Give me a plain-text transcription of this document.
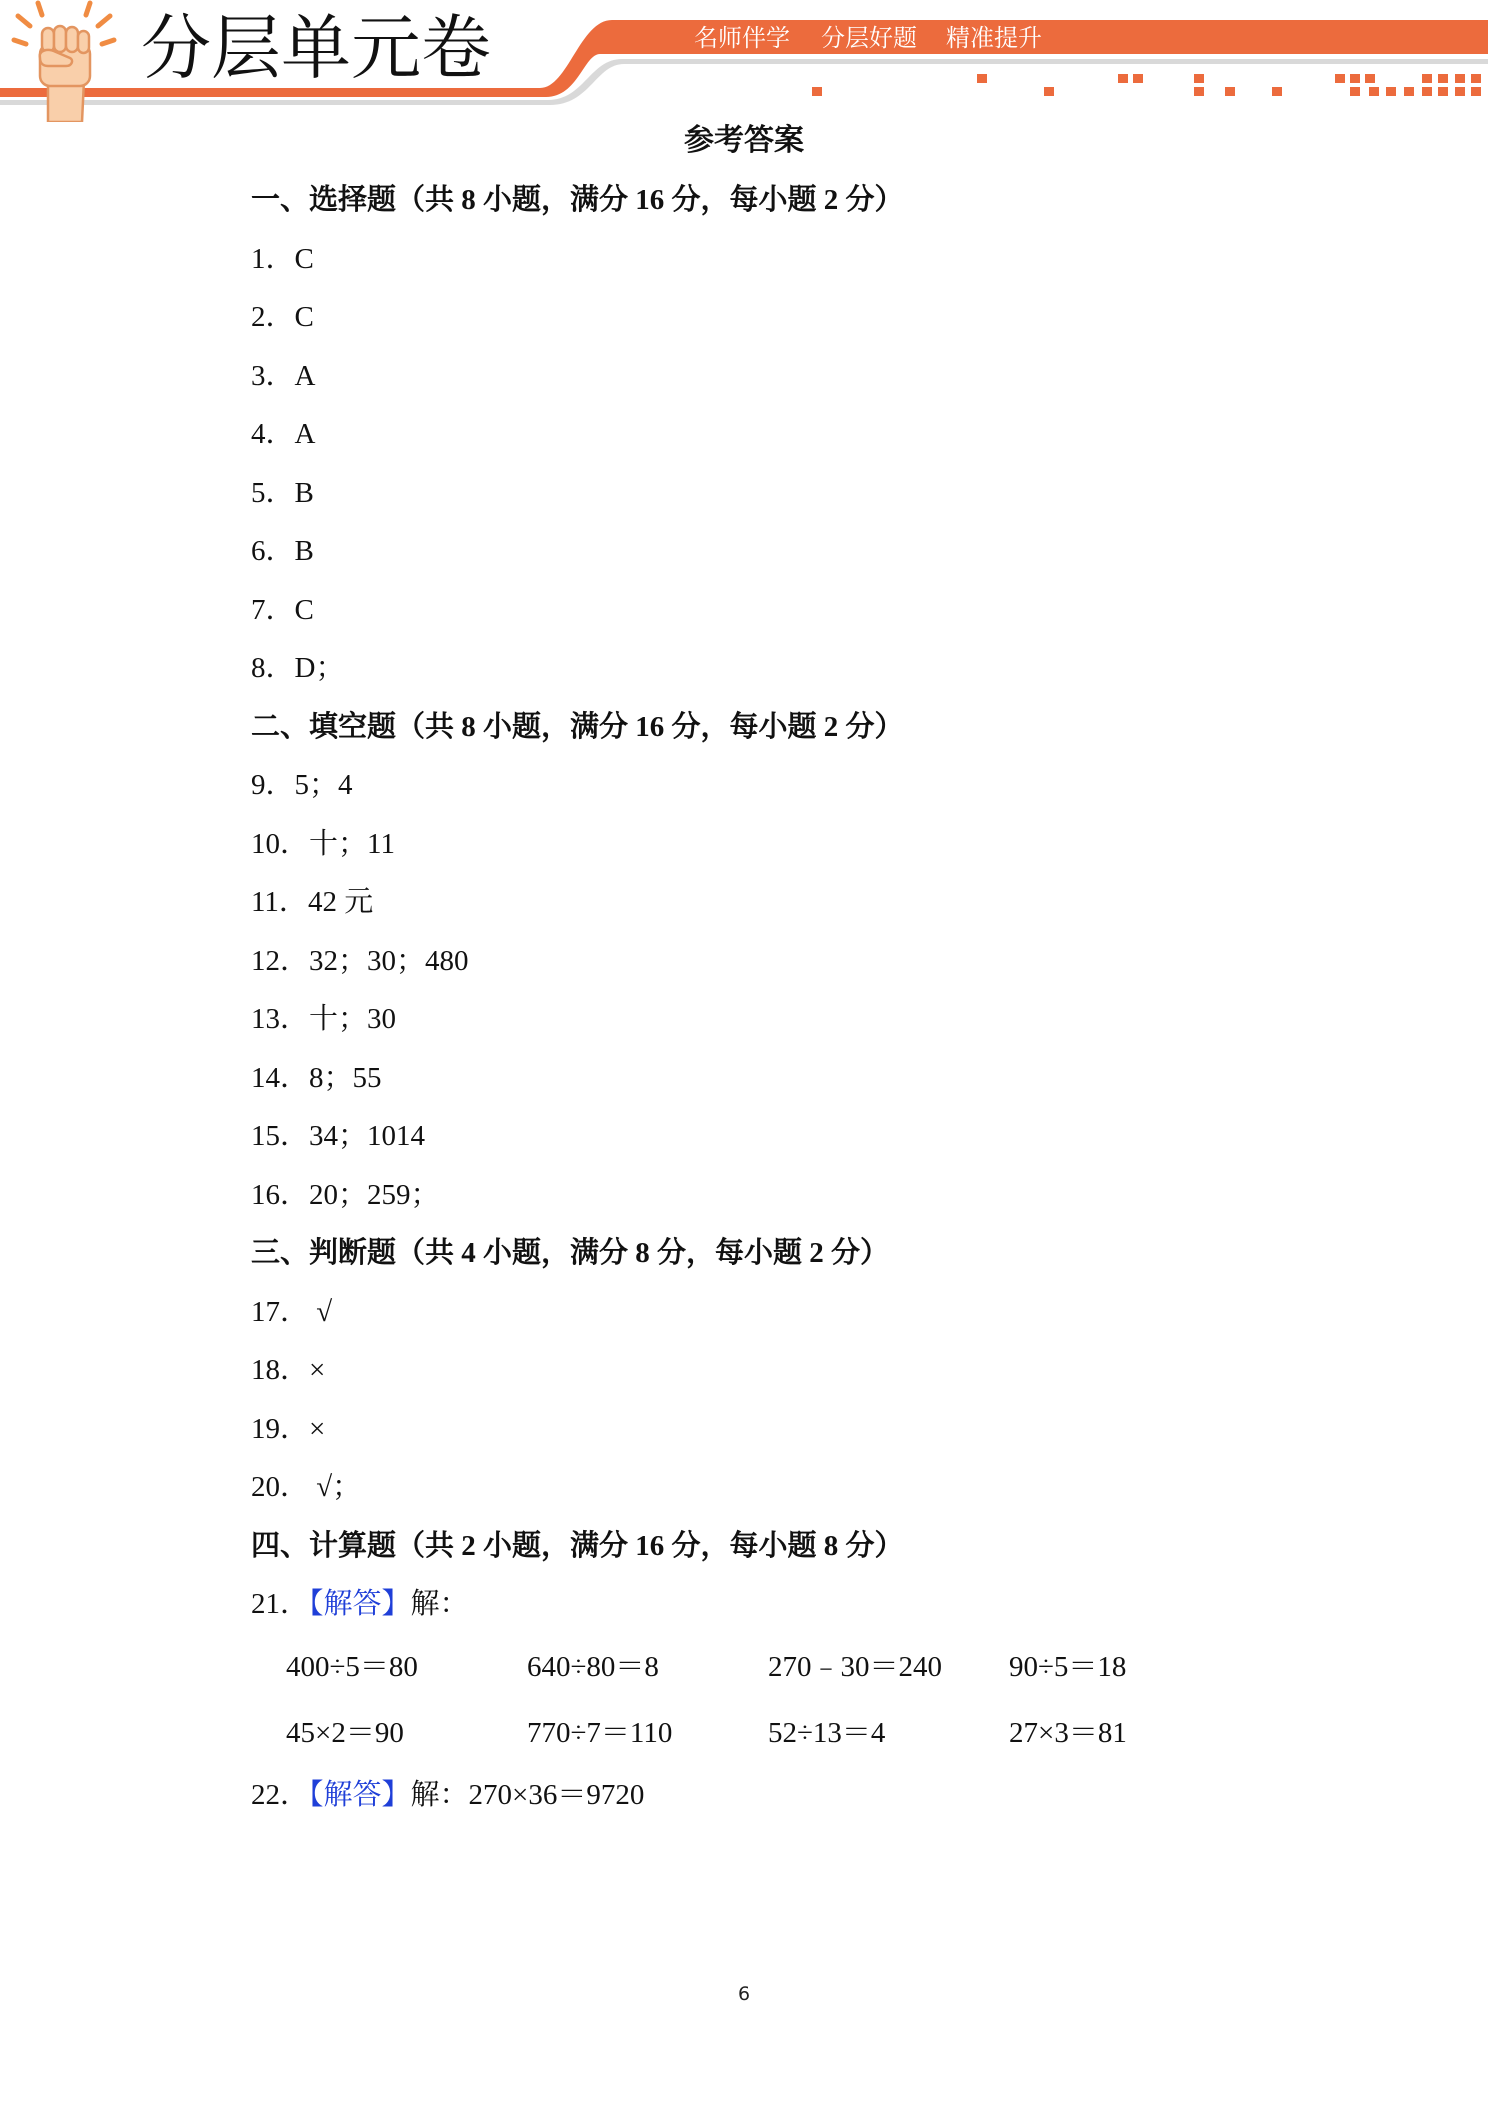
分层单元卷	名师伴学 分层好题 精准提升
参考答案
一、选择题（共 8 小题，满分 16 分，每小题 2 分）
1．C
2．C
3．A
4．A
5．B
6．B
7．C
8．D；
二、填空题（共 8 小题，满分 16 分，每小题 2 分）
9．5；4
10．十；11
11．42 元
12．32；30；480
13．十；30
14．8；55
15．34；1014
16．20；259；
三、判断题（共 4 小题，满分 8 分，每小题 2 分）
17． √
18．×
19．×
20． √；
四、计算题（共 2 小题，满分 16 分，每小题 8 分）
21．【解答】解：
400÷5＝80	640÷80＝8	270﹣30＝240 90÷5＝18
45×2＝90	770÷7＝110	52÷13＝4	27×3＝81
22．【解答】解：270×36＝9720
6
